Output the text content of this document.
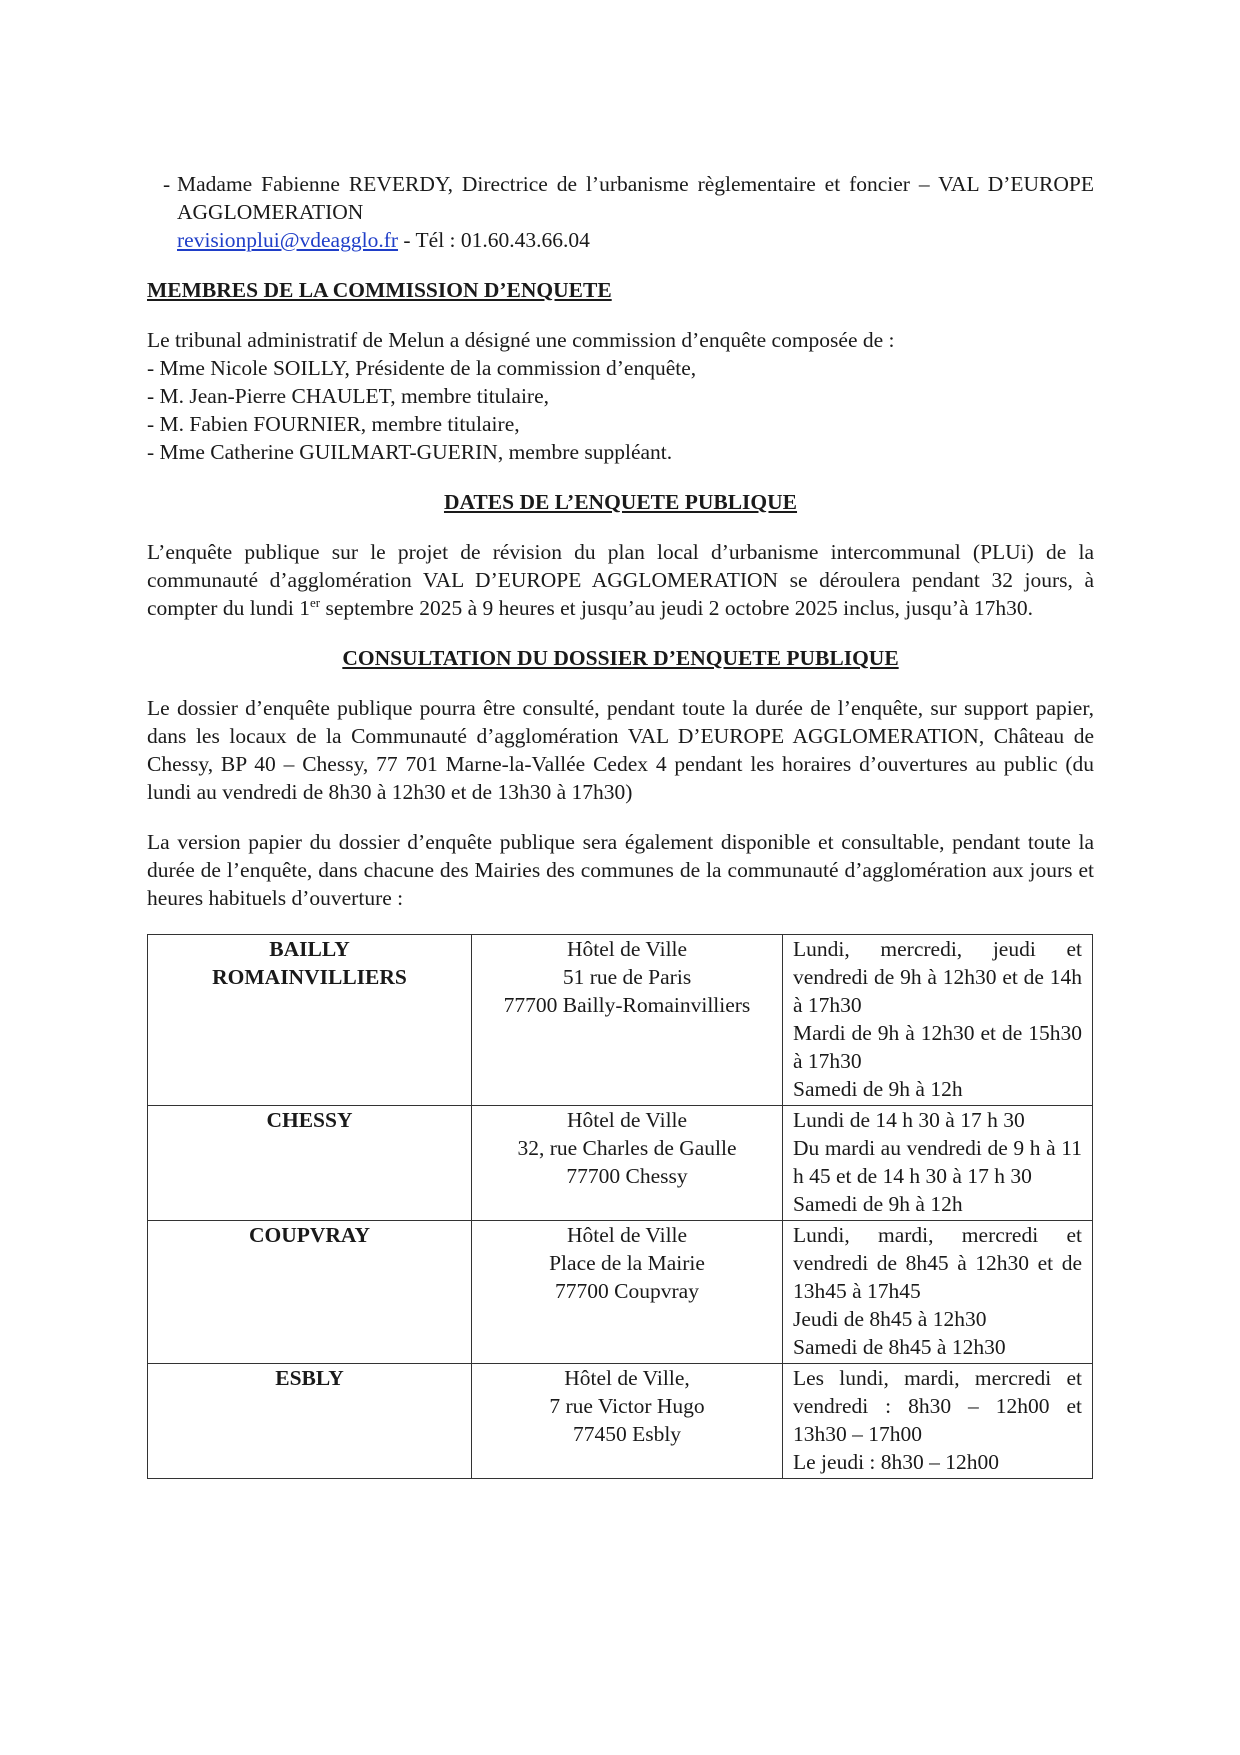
- Madame Fabienne REVERDY, Directrice de l’urbanisme règlementaire et foncier – VAL D’EUROPE AGGLOMERATION
revisionplui@vdeagglo.fr - Tél : 01.60.43.66.04

MEMBRES DE LA COMMISSION D’ENQUETE

Le tribunal administratif de Melun a désigné une commission d’enquête composée de :

- Mme Nicole SOILLY, Présidente de la commission d’enquête,

- M. Jean-Pierre CHAULET, membre titulaire,

- M. Fabien FOURNIER, membre titulaire,

- Mme Catherine GUILMART-GUERIN, membre suppléant.

DATES DE L’ENQUETE PUBLIQUE

L’enquête publique sur le projet de révision du plan local d’urbanisme intercommunal (PLUi) de la communauté d’agglomération VAL D’EUROPE AGGLOMERATION se déroulera pendant 32 jours, à compter du lundi 1er septembre 2025 à 9 heures et jusqu’au jeudi 2 octobre 2025 inclus, jusqu’à 17h30.

CONSULTATION DU DOSSIER D’ENQUETE PUBLIQUE

Le dossier d’enquête publique pourra être consulté, pendant toute la durée de l’enquête, sur support papier, dans les locaux de la Communauté d’agglomération VAL D’EUROPE AGGLOMERATION, Château de Chessy, BP 40 – Chessy, 77 701 Marne-la-Vallée Cedex 4 pendant les horaires d’ouvertures au public (du lundi au vendredi de 8h30 à 12h30 et de 13h30 à 17h30)

La version papier du dossier d’enquête publique sera également disponible et consultable, pendant toute la durée de l’enquête, dans chacune des Mairies des communes de la communauté d’agglomération aux jours et heures habituels d’ouverture :

BAILLY
ROMAINVILLIERS	Hôtel de Ville
51 rue de Paris
77700 Bailly-Romainvilliers	Lundi, mercredi, jeudi et vendredi de 9h à 12h30 et de 14h à 17h30
Mardi de 9h à 12h30 et de 15h30 à 17h30
Samedi de 9h à 12h

CHESSY	Hôtel de Ville
32, rue Charles de Gaulle
77700 Chessy	Lundi de 14 h 30 à 17 h 30
Du mardi au vendredi de 9 h à 11 h 45 et de 14 h 30 à 17 h 30
Samedi de 9h à 12h

COUPVRAY	Hôtel de Ville
Place de la Mairie
77700 Coupvray	Lundi, mardi, mercredi et vendredi de 8h45 à 12h30 et de 13h45 à 17h45
Jeudi de 8h45 à 12h30
Samedi de 8h45 à 12h30

ESBLY	Hôtel de Ville,
7 rue Victor Hugo
77450 Esbly	Les lundi, mardi, mercredi et vendredi : 8h30 – 12h00 et 13h30 – 17h00
Le jeudi : 8h30 – 12h00
